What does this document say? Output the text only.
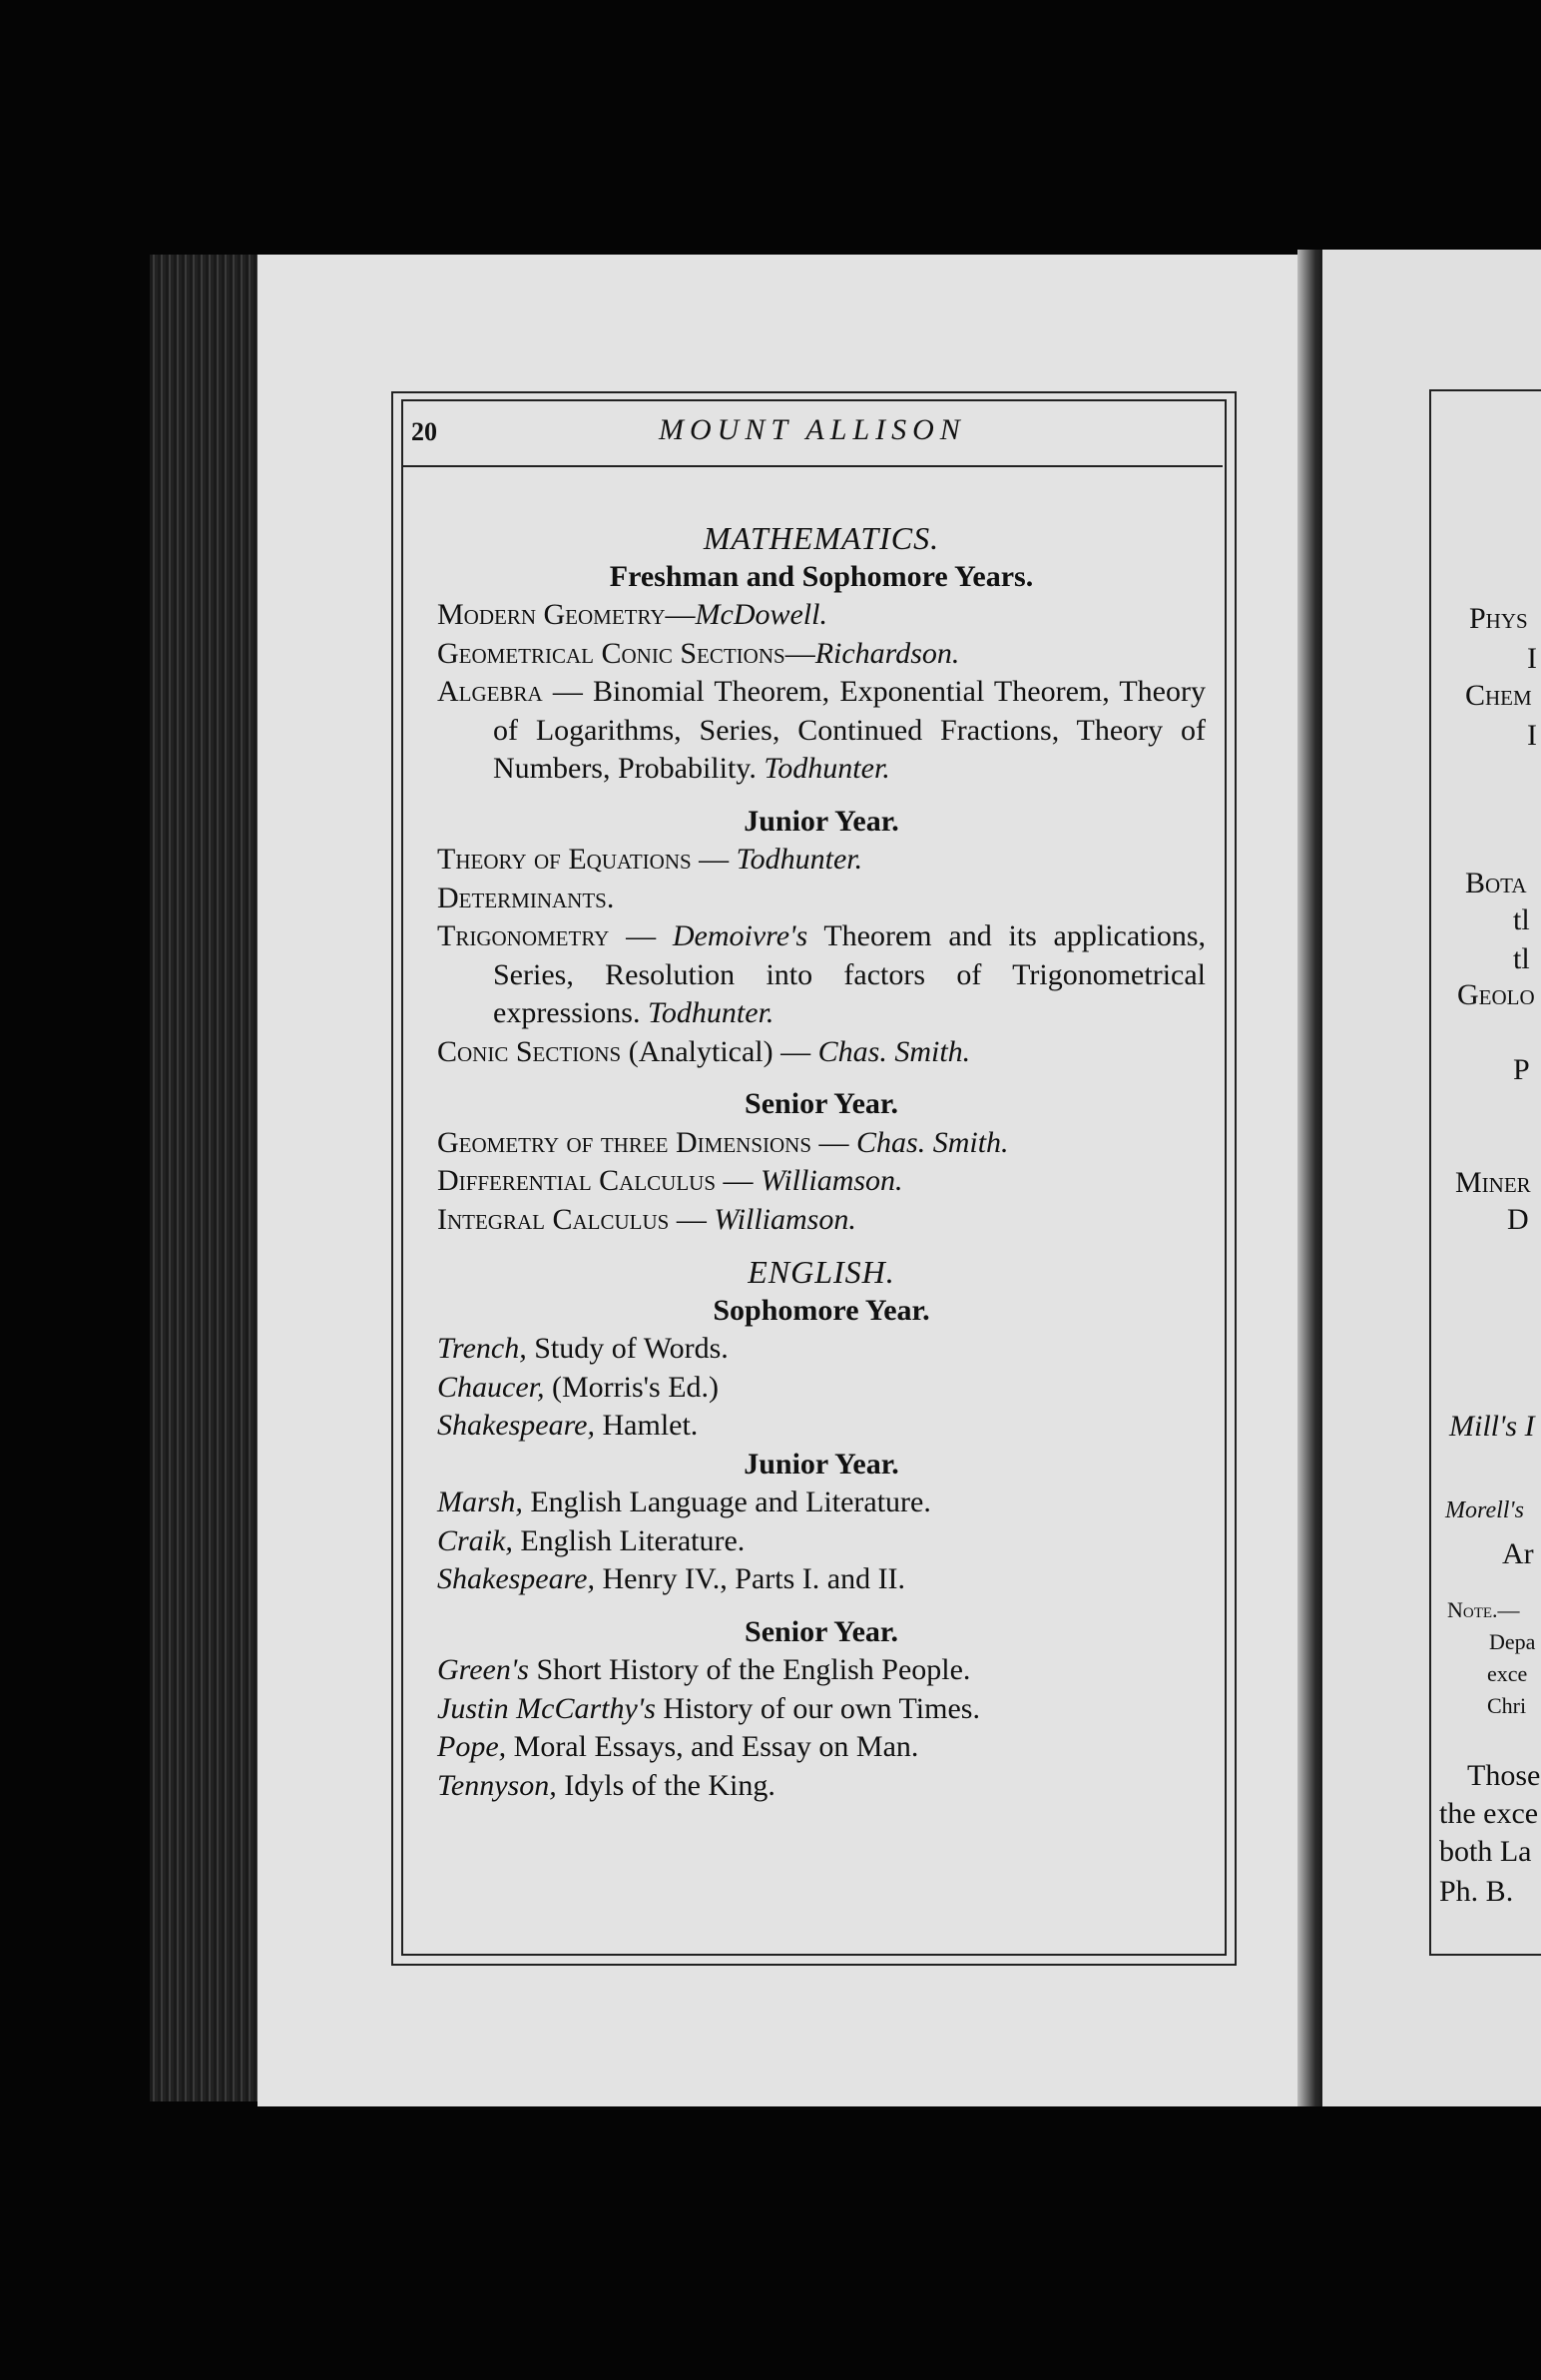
20	MOUNT ALLISON

MATHEMATICS.

Freshman and Sophomore Years.

Modern Geometry—McDowell.

Geometrical Conic Sections—Richardson.

Algebra — Binomial Theorem, Exponential Theorem, Theory of Logarithms, Series, Continued Fractions, Theory of Numbers, Probability. Todhunter.

Junior Year.

Theory of Equations — Todhunter.

Determinants.

Trigonometry — Demoivre's Theorem and its applications, Series, Resolution into factors of Trigonometrical expressions. Todhunter.

Conic Sections (Analytical) — Chas. Smith.

Senior Year.

Geometry of three Dimensions — Chas. Smith.

Differential Calculus — Williamson.

Integral Calculus — Williamson.

ENGLISH.

Sophomore Year.

Trench, Study of Words.

Chaucer, (Morris's Ed.)

Shakespeare, Hamlet.

Junior Year.

Marsh, English Language and Literature.

Craik, English Literature.

Shakespeare, Henry IV., Parts I. and II.

Senior Year.

Green's Short History of the English People.

Justin McCarthy's History of our own Times.

Pope, Moral Essays, and Essay on Man.

Tennyson, Idyls of the King.

Phys
I
Chem
I
Bota
tl
tl
Geolo
P
Miner
D
Mill's I
Morell's
Ar
Note.—
Depa
exce
Chri
Those
the exce
both La
Ph. B.
